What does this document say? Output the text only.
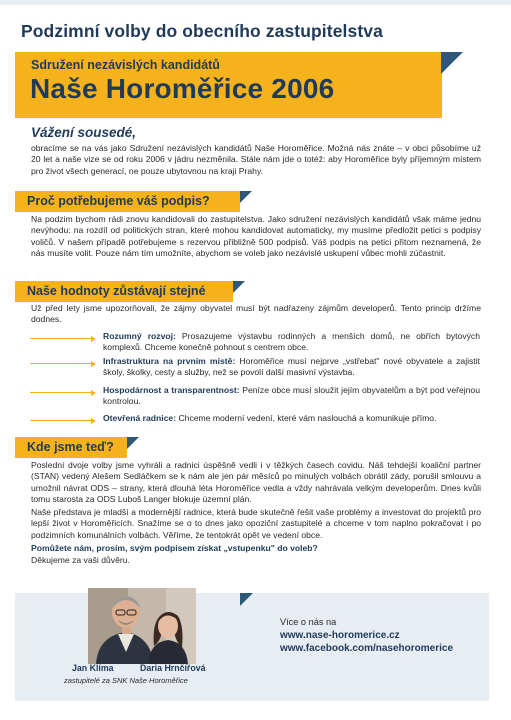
Podzimní volby do obecního zastupitelstva
Sdružení nezávislých kandidátů
Naše Horoměřice 2006
Vážení sousedé,
obracíme se na vás jako Sdružení nezávislých kandidátů Naše Horoměřice. Možná nás znáte – v obci působíme už 20 let a naše vize se od roku 2006 v jádru nezměnila. Stále nám jde o totéž: aby Horoměřice byly příjemným místem pro život všech generací, ne pouze ubytovnou na kraji Prahy.
Proč potřebujeme váš podpis?
Na podzim bychom rádi znovu kandidovali do zastupitelstva. Jako sdružení nezávislých kandidátů však máme jednu nevýhodu: na rozdíl od politických stran, které mohou kandidovat automaticky, my musíme předložit petici s podpisy voličů. V našem případě potřebujeme s rezervou přibližně 500 podpisů. Váš podpis na petici přitom neznamená, že nás musíte volit. Pouze nám tím umožníte, abychom se voleb jako nezávislé uskupení vůbec mohli zúčastnit.
Naše hodnoty zůstávají stejné
Už před lety jsme upozorňovali, že zájmy obyvatel musí být nadřazeny zájmům developerů. Tento princip držíme dodnes.
Rozumný rozvoj: Prosazujeme výstavbu rodinných a menších domů, ne obřích bytových komplexů. Chceme konečně pohnout s centrem obce.
Infrastruktura na prvním místě: Horoměřice musí nejprve „vstřebat" nové obyvatele a zajistit školy, školky, cesty a služby, než se povolí další masivní výstavba.
Hospodárnost a transparentnost: Peníze obce musí sloužit jejím obyvatelům a být pod veřejnou kontrolou.
Otevřená radnice: Chceme moderní vedení, které vám naslouchá a komunikuje přímo.
Kde jsme teď?
Poslední dvoje volby jsme vyhráli a radnici úspěšně vedli i v těžkých časech covidu. Náš tehdejší koaliční partner (STAN) vedený Alešem Sedláčkem se k nám ale jen pár měsíců po minulých volbách obrátil zády, porušil smlouvu a umožnil návrat ODS – strany, která dlouhá léta Horoměřice vedla a vždy nahrávala velkým developerům. Dnes kvůli tomu starosta za ODS Luboš Langer blokuje územní plán.
Naše představa je mladší a modernější radnice, která bude skutečně řešit vaše problémy a investovat do projektů pro lepší život v Horoměřicích. Snažíme se o to dnes jako opoziční zastupitelé a chceme v tom naplno pokračovat i po podzimních komunálních volbách. Věříme, že tentokrát opět ve vedení obce.
Pomůžete nám, prosím, svým podpisem získat „vstupenku" do voleb?
Děkujeme za vaši důvěru.
Jan Klíma	Daria Hrnčířová
zastupitelé za SNK Naše Horoměřice
Více o nás na
www.nase-horomerice.cz
www.facebook.com/nasehoromerice
